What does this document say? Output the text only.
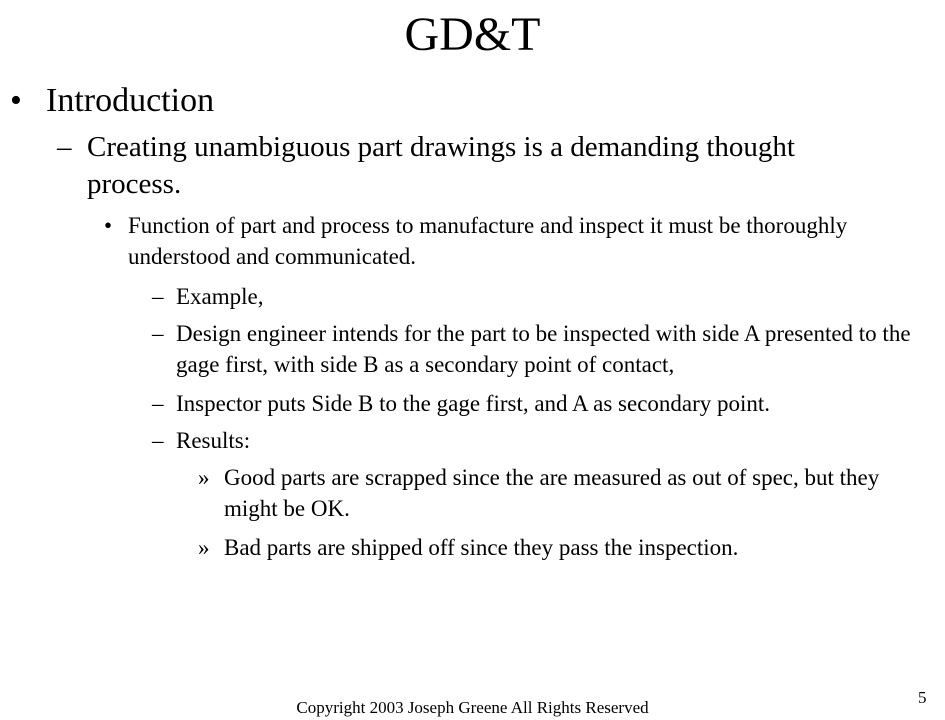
GD&T
• Introduction
– Creating unambiguous part drawings is a demanding thought process.
• Function of part and process to manufacture and inspect it must be thoroughly understood and communicated.
– Example,
– Design engineer intends for the part to be inspected with side A presented to the gage first, with side B as a secondary point of contact,
– Inspector puts Side B to the gage first, and A as secondary point.
– Results:
» Good parts are scrapped since the are measured as out of spec, but they might be OK.
» Bad parts are shipped off since they pass the inspection.
Copyright 2003 Joseph Greene All Rights Reserved
5
